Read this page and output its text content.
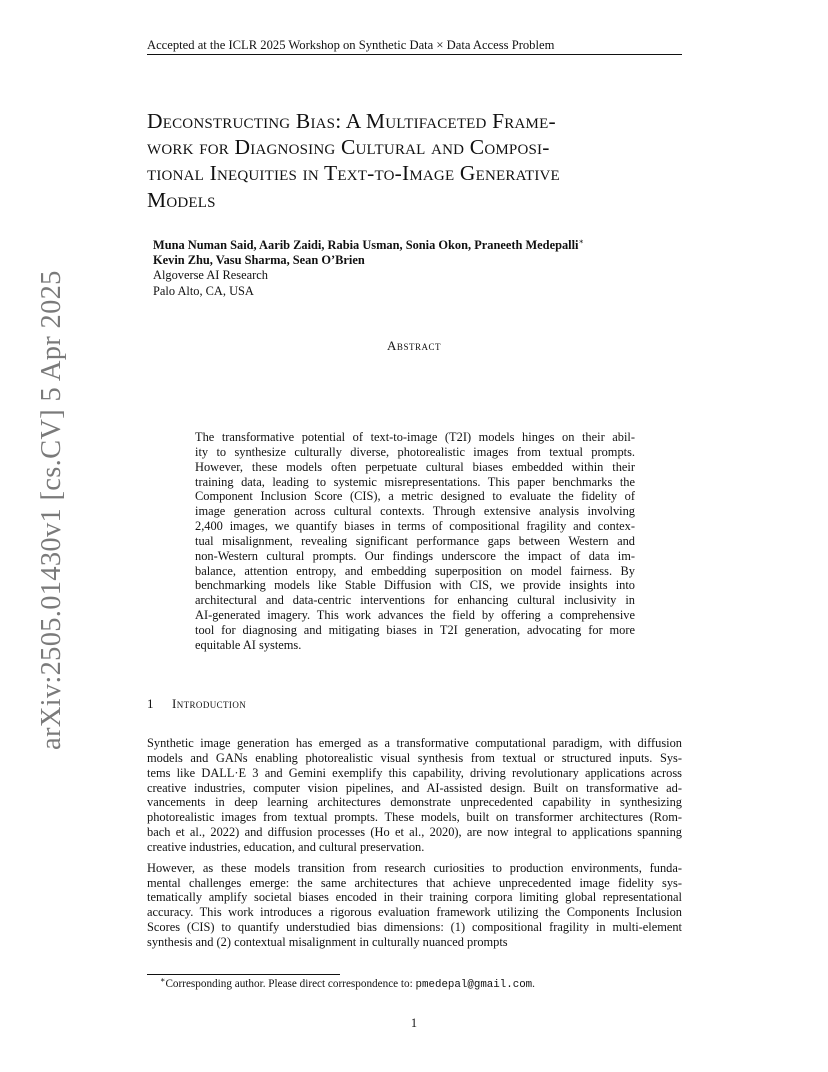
Accepted at the ICLR 2025 Workshop on Synthetic Data × Data Access Problem
arXiv:2505.01430v1 [cs.CV] 5 Apr 2025
Deconstructing Bias: A Multifaceted Frame-
work for Diagnosing Cultural and Composi-
tional Inequities in Text-to-Image Generative
Models
Muna Numan Said, Aarib Zaidi, Rabia Usman, Sonia Okon, Praneeth Medepalli∗
Kevin Zhu, Vasu Sharma, Sean O’Brien
Algoverse AI Research
Palo Alto, CA, USA
Abstract
The transformative potential of text-to-image (T2I) models hinges on their abil-
ity to synthesize culturally diverse, photorealistic images from textual prompts.
However, these models often perpetuate cultural biases embedded within their
training data, leading to systemic misrepresentations. This paper benchmarks the
Component Inclusion Score (CIS), a metric designed to evaluate the fidelity of
image generation across cultural contexts. Through extensive analysis involving
2,400 images, we quantify biases in terms of compositional fragility and contex-
tual misalignment, revealing significant performance gaps between Western and
non-Western cultural prompts. Our findings underscore the impact of data im-
balance, attention entropy, and embedding superposition on model fairness. By
benchmarking models like Stable Diffusion with CIS, we provide insights into
architectural and data-centric interventions for enhancing cultural inclusivity in
AI-generated imagery. This work advances the field by offering a comprehensive
tool for diagnosing and mitigating biases in T2I generation, advocating for more
equitable AI systems.
1 Introduction
Synthetic image generation has emerged as a transformative computational paradigm, with diffusion
models and GANs enabling photorealistic visual synthesis from textual or structured inputs. Sys-
tems like DALL·E 3 and Gemini exemplify this capability, driving revolutionary applications across
creative industries, computer vision pipelines, and AI-assisted design. Built on transformative ad-
vancements in deep learning architectures demonstrate unprecedented capability in synthesizing
photorealistic images from textual prompts. These models, built on transformer architectures (Rom-
bach et al., 2022) and diffusion processes (Ho et al., 2020), are now integral to applications spanning
creative industries, education, and cultural preservation.
However, as these models transition from research curiosities to production environments, funda-
mental challenges emerge: the same architectures that achieve unprecedented image fidelity sys-
tematically amplify societal biases encoded in their training corpora limiting global representational
accuracy. This work introduces a rigorous evaluation framework utilizing the Components Inclusion
Scores (CIS) to quantify understudied bias dimensions: (1) compositional fragility in multi-element
synthesis and (2) contextual misalignment in culturally nuanced prompts
∗Corresponding author. Please direct correspondence to: pmedepal@gmail.com.
1
